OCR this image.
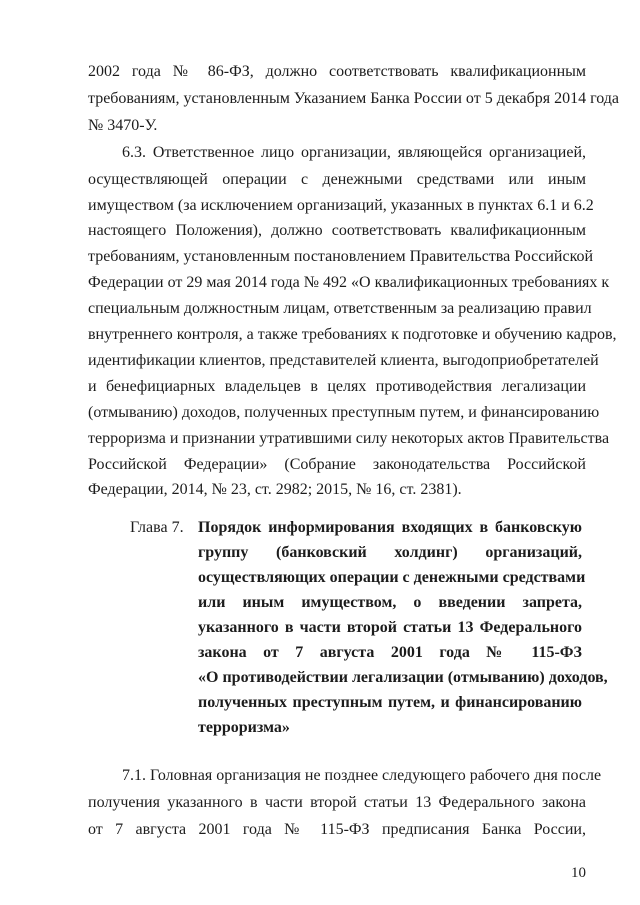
2002 года № 86-ФЗ, должно соответствовать квалификационным
требованиям, установленным Указанием Банка России от 5 декабря 2014 года
№ 3470-У.
6.3. Ответственное лицо организации, являющейся организацией,
осуществляющей операции с денежными средствами или иным
имуществом (за исключением организаций, указанных в пунктах 6.1 и 6.2
настоящего Положения), должно соответствовать квалификационным
требованиям, установленным постановлением Правительства Российской
Федерации от 29 мая 2014 года № 492 «О квалификационных требованиях к
специальным должностным лицам, ответственным за реализацию правил
внутреннего контроля, а также требованиях к подготовке и обучению кадров,
идентификации клиентов, представителей клиента, выгодоприобретателей
и бенефициарных владельцев в целях противодействия легализации
(отмыванию) доходов, полученных преступным путем, и финансированию
терроризма и признании утратившими силу некоторых актов Правительства
Российской Федерации» (Собрание законодательства Российской
Федерации, 2014, № 23, ст. 2982; 2015, № 16, ст. 2381).
Глава 7. Порядок информирования входящих в банковскую
группу (банковский холдинг) организаций,
осуществляющих операции с денежными средствами
или иным имуществом, о введении запрета,
указанного в части второй статьи 13 Федерального
закона от 7 августа 2001 года № 115-ФЗ
«О противодействии легализации (отмыванию) доходов,
полученных преступным путем, и финансированию
терроризма»
7.1. Головная организация не позднее следующего рабочего дня после
получения указанного в части второй статьи 13 Федерального закона
от 7 августа 2001 года № 115-ФЗ предписания Банка России,
10
